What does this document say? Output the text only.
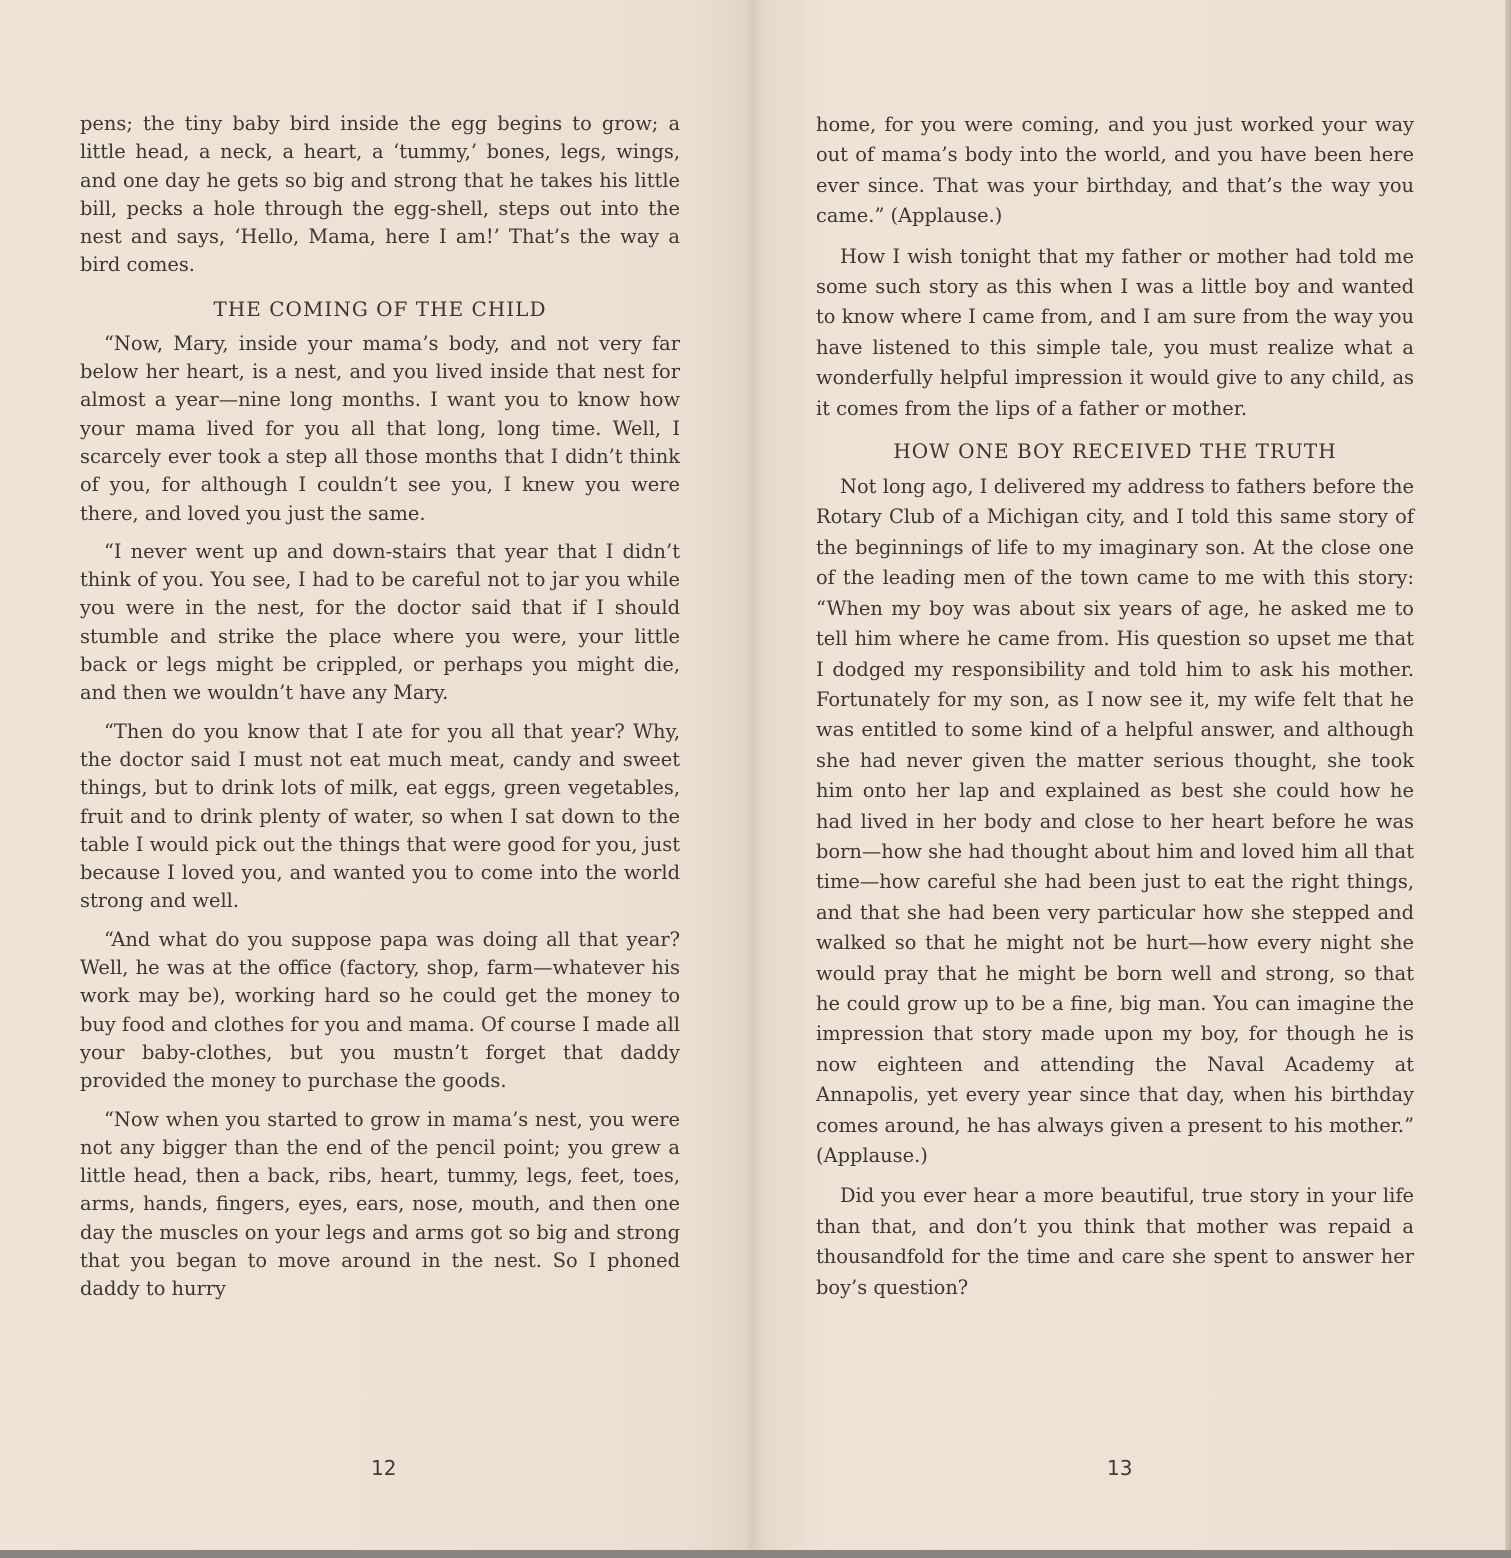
pens; the tiny baby bird inside the egg begins to grow; a little head, a neck, a heart, a ‘tummy,’ bones, legs, wings, and one day he gets so big and strong that he takes his little bill, pecks a hole through the egg-shell, steps out into the nest and says, ‘Hello, Mama, here I am!’ That’s the way a bird comes.

THE COMING OF THE CHILD

“Now, Mary, inside your mama’s body, and not very far below her heart, is a nest, and you lived inside that nest for almost a year—nine long months. I want you to know how your mama lived for you all that long, long time. Well, I scarcely ever took a step all those months that I didn’t think of you, for although I couldn’t see you, I knew you were there, and loved you just the same.

“I never went up and down-stairs that year that I didn’t think of you. You see, I had to be careful not to jar you while you were in the nest, for the doctor said that if I should stumble and strike the place where you were, your little back or legs might be crippled, or perhaps you might die, and then we wouldn’t have any Mary.

“Then do you know that I ate for you all that year? Why, the doctor said I must not eat much meat, candy and sweet things, but to drink lots of milk, eat eggs, green vegetables, fruit and to drink plenty of water, so when I sat down to the table I would pick out the things that were good for you, just because I loved you, and wanted you to come into the world strong and well.

“And what do you suppose papa was doing all that year? Well, he was at the office (factory, shop, farm—whatever his work may be), working hard so he could get the money to buy food and clothes for you and mama. Of course I made all your baby-clothes, but you mustn’t forget that daddy provided the money to purchase the goods.

“Now when you started to grow in mama’s nest, you were not any bigger than the end of the pencil point; you grew a little head, then a back, ribs, heart, tummy, legs, feet, toes, arms, hands, fingers, eyes, ears, nose, mouth, and then one day the muscles on your legs and arms got so big and strong that you began to move around in the nest. So I phoned daddy to hurry

12

home, for you were coming, and you just worked your way out of mama’s body into the world, and you have been here ever since. That was your birthday, and that’s the way you came.” (Applause.)

How I wish tonight that my father or mother had told me some such story as this when I was a little boy and wanted to know where I came from, and I am sure from the way you have listened to this simple tale, you must realize what a wonderfully helpful impression it would give to any child, as it comes from the lips of a father or mother.

HOW ONE BOY RECEIVED THE TRUTH

Not long ago, I delivered my address to fathers before the Rotary Club of a Michigan city, and I told this same story of the beginnings of life to my imaginary son. At the close one of the leading men of the town came to me with this story: “When my boy was about six years of age, he asked me to tell him where he came from. His question so upset me that I dodged my responsibility and told him to ask his mother. Fortunately for my son, as I now see it, my wife felt that he was entitled to some kind of a helpful answer, and although she had never given the matter serious thought, she took him onto her lap and explained as best she could how he had lived in her body and close to her heart before he was born—how she had thought about him and loved him all that time—how careful she had been just to eat the right things, and that she had been very particular how she stepped and walked so that he might not be hurt—how every night she would pray that he might be born well and strong, so that he could grow up to be a fine, big man. You can imagine the impression that story made upon my boy, for though he is now eighteen and attending the Naval Academy at Annapolis, yet every year since that day, when his birthday comes around, he has always given a present to his mother.” (Applause.)

Did you ever hear a more beautiful, true story in your life than that, and don’t you think that mother was repaid a thousandfold for the time and care she spent to answer her boy’s question?

13
